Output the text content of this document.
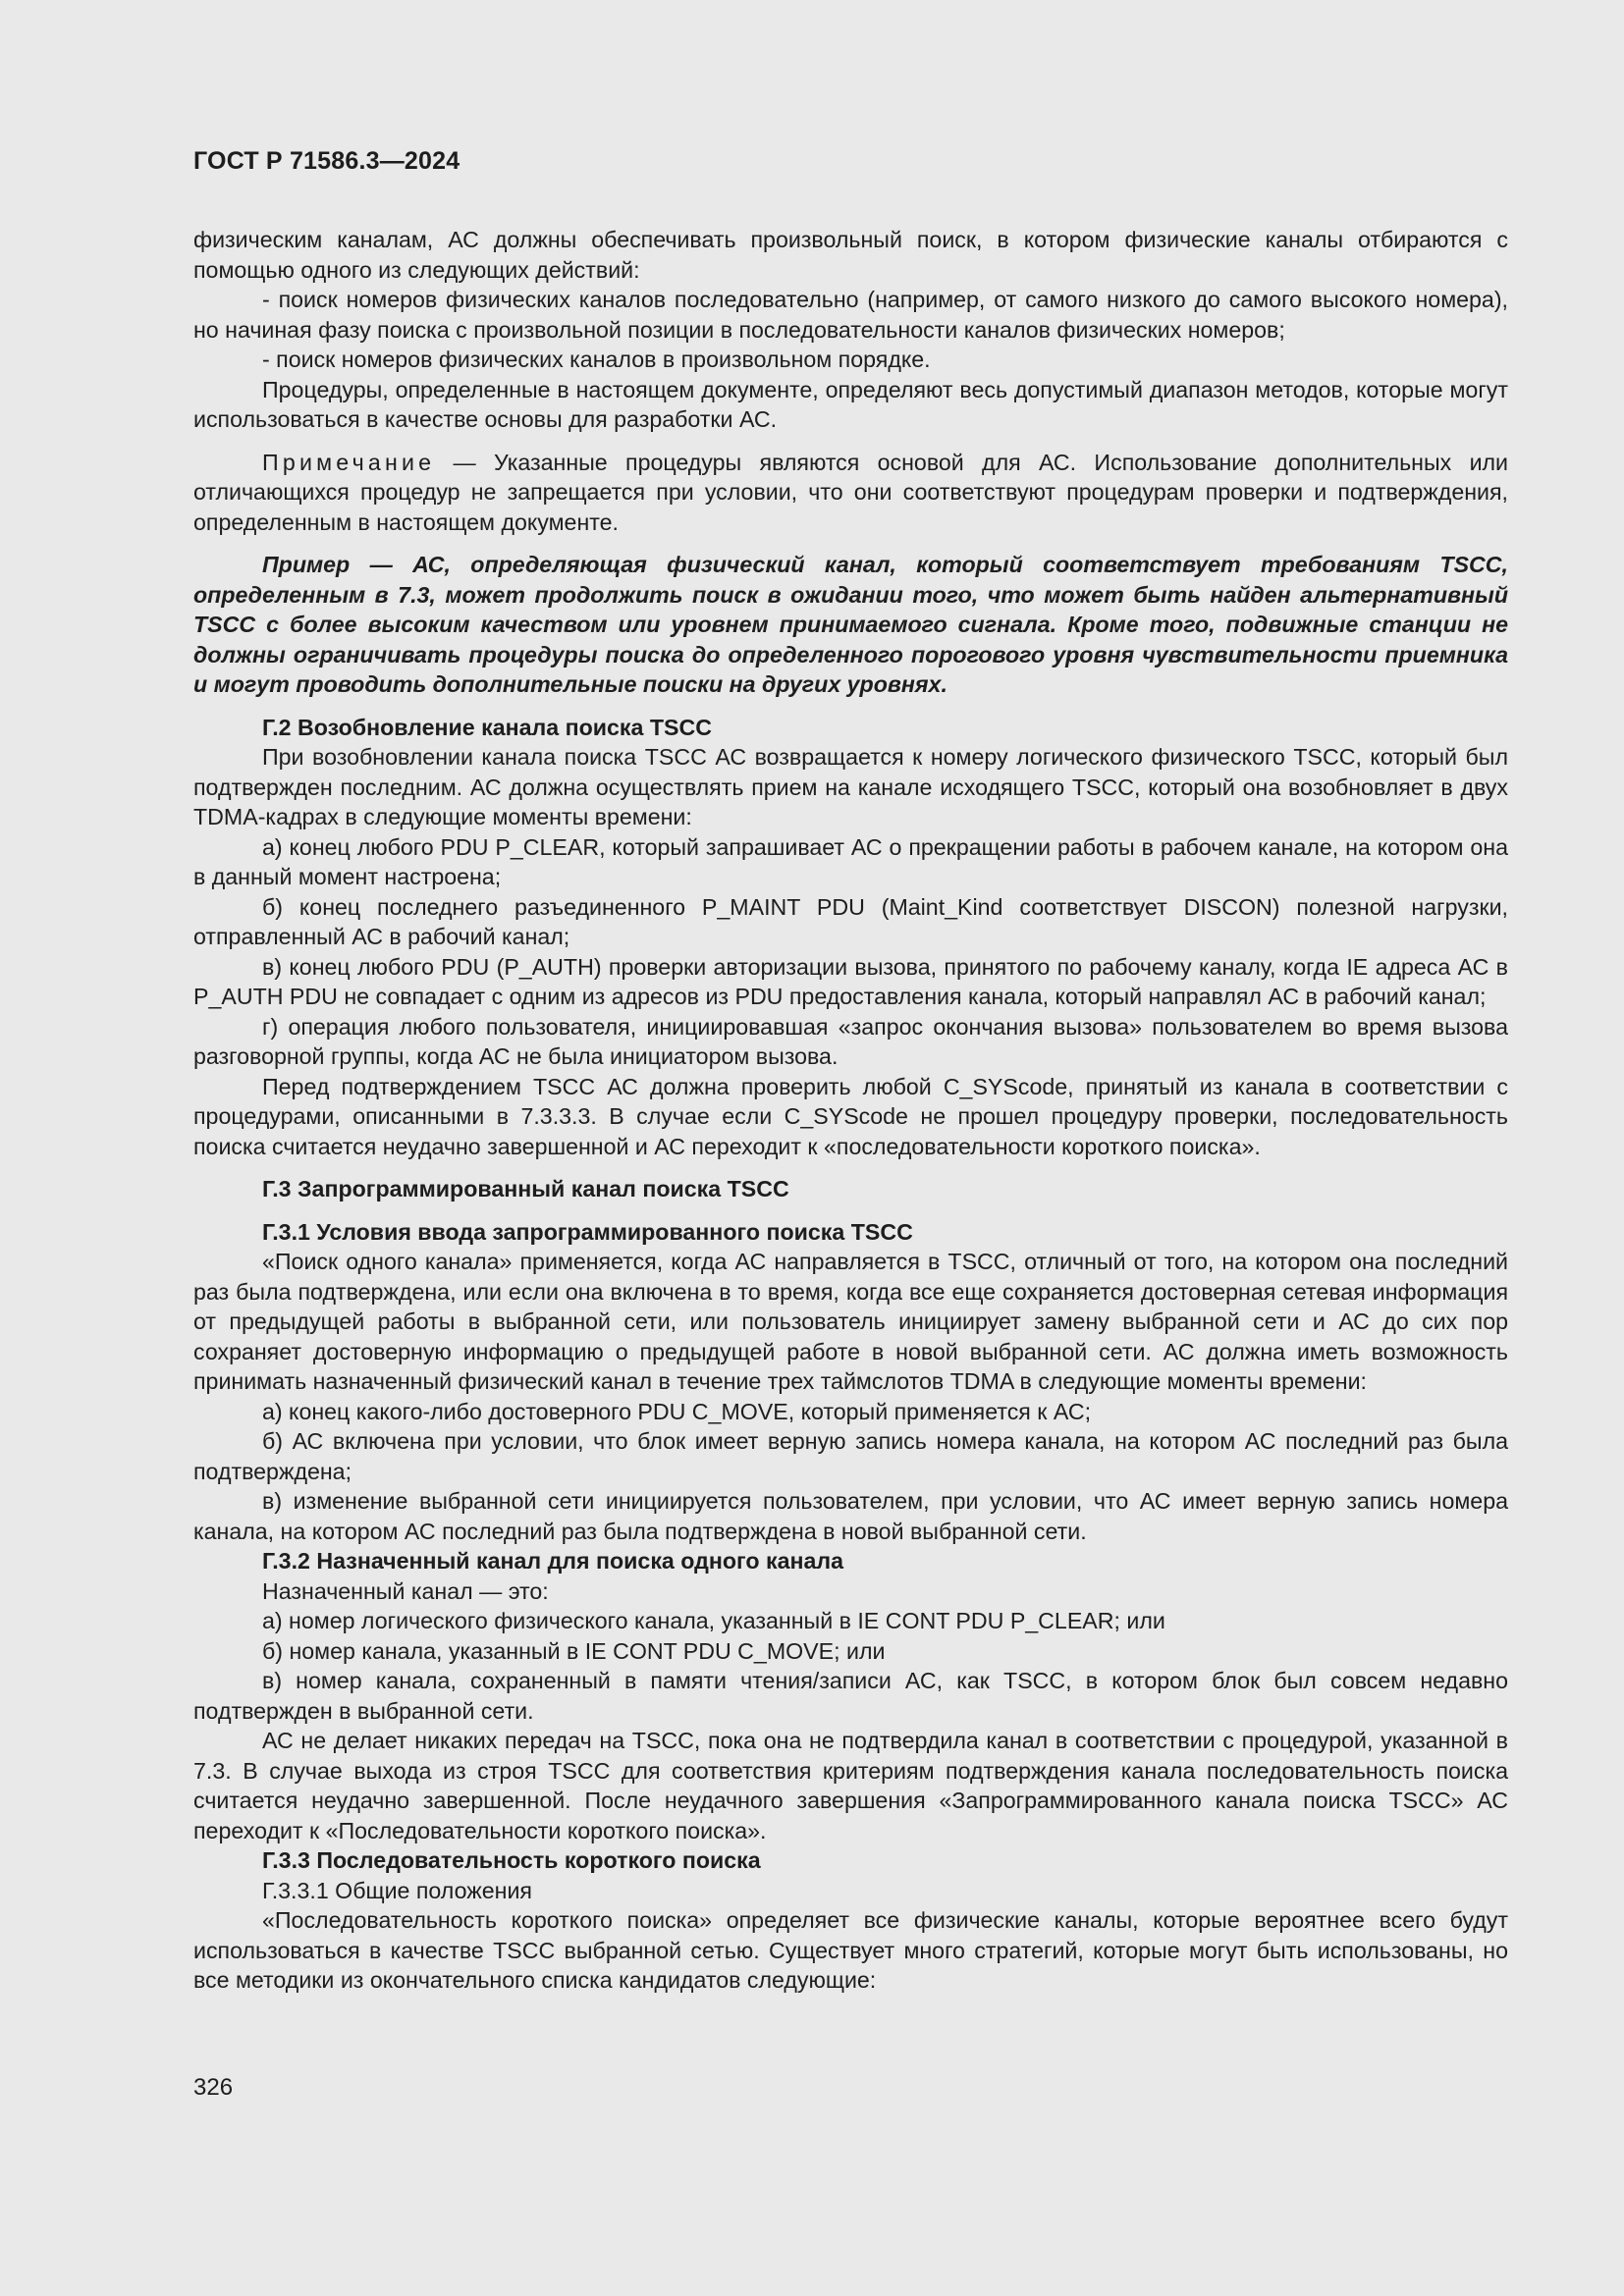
ГОСТ Р 71586.3—2024

физическим каналам, АС должны обеспечивать произвольный поиск, в котором физические каналы отбираются с помощью одного из следующих действий:

- поиск номеров физических каналов последовательно (например, от самого низкого до самого высокого номера), но начиная фазу поиска с произвольной позиции в последовательности каналов физических номеров;

- поиск номеров физических каналов в произвольном порядке.

Процедуры, определенные в настоящем документе, определяют весь допустимый диапазон методов, которые могут использоваться в качестве основы для разработки АС.

Примечание — Указанные процедуры являются основой для АС. Использование дополнительных или отличающихся процедур не запрещается при условии, что они соответствуют процедурам проверки и подтверждения, определенным в настоящем документе.

Пример — АС, определяющая физический канал, который соответствует требованиям TSCC, определенным в 7.3, может продолжить поиск в ожидании того, что может быть найден альтернативный TSCC с более высоким качеством или уровнем принимаемого сигнала. Кроме того, подвижные станции не должны ограничивать процедуры поиска до определенного порогового уровня чувствительности приемника и могут проводить дополнительные поиски на других уровнях.

Г.2 Возобновление канала поиска TSCC

При возобновлении канала поиска TSCC АС возвращается к номеру логического физического TSCC, который был подтвержден последним. АС должна осуществлять прием на канале исходящего TSCC, который она возобновляет в двух TDMA-кадрах в следующие моменты времени:

а) конец любого PDU P_CLEAR, который запрашивает АС о прекращении работы в рабочем канале, на котором она в данный момент настроена;

б) конец последнего разъединенного P_MAINT PDU (Maint_Kind соответствует DISCON) полезной нагрузки, отправленный АС в рабочий канал;

в) конец любого PDU (P_AUTH) проверки авторизации вызова, принятого по рабочему каналу, когда IE адреса АС в P_AUTH PDU не совпадает с одним из адресов из PDU предоставления канала, который направлял АС в рабочий канал;

г) операция любого пользователя, инициировавшая «запрос окончания вызова» пользователем во время вызова разговорной группы, когда АС не была инициатором вызова.

Перед подтверждением TSCC АС должна проверить любой C_SYScode, принятый из канала в соответствии с процедурами, описанными в 7.3.3.3. В случае если C_SYScode не прошел процедуру проверки, последовательность поиска считается неудачно завершенной и АС переходит к «последовательности короткого поиска».

Г.3 Запрограммированный канал поиска TSCC

Г.3.1 Условия ввода запрограммированного поиска TSCC

«Поиск одного канала» применяется, когда АС направляется в TSCC, отличный от того, на котором она последний раз была подтверждена, или если она включена в то время, когда все еще сохраняется достоверная сетевая информация от предыдущей работы в выбранной сети, или пользователь инициирует замену выбранной сети и АС до сих пор сохраняет достоверную информацию о предыдущей работе в новой выбранной сети. АС должна иметь возможность принимать назначенный физический канал в течение трех таймслотов TDMA в следующие моменты времени:

а) конец какого-либо достоверного PDU C_MOVE, который применяется к АС;

б) АС включена при условии, что блок имеет верную запись номера канала, на котором АС последний раз была подтверждена;

в) изменение выбранной сети инициируется пользователем, при условии, что АС имеет верную запись номера канала, на котором АС последний раз была подтверждена в новой выбранной сети.

Г.3.2 Назначенный канал для поиска одного канала

Назначенный канал — это:

а) номер логического физического канала, указанный в IE CONT PDU P_CLEAR; или

б) номер канала, указанный в IE CONT PDU C_MOVE; или

в) номер канала, сохраненный в памяти чтения/записи АС, как TSCC, в котором блок был совсем недавно подтвержден в выбранной сети.

АС не делает никаких передач на TSCC, пока она не подтвердила канал в соответствии с процедурой, указанной в 7.3. В случае выхода из строя TSCC для соответствия критериям подтверждения канала последовательность поиска считается неудачно завершенной. После неудачного завершения «Запрограммированного канала поиска TSCC» АС переходит к «Последовательности короткого поиска».

Г.3.3 Последовательность короткого поиска

Г.3.3.1 Общие положения

«Последовательность короткого поиска» определяет все физические каналы, которые вероятнее всего будут использоваться в качестве TSCC выбранной сетью. Существует много стратегий, которые могут быть использованы, но все методики из окончательного списка кандидатов следующие:

326
